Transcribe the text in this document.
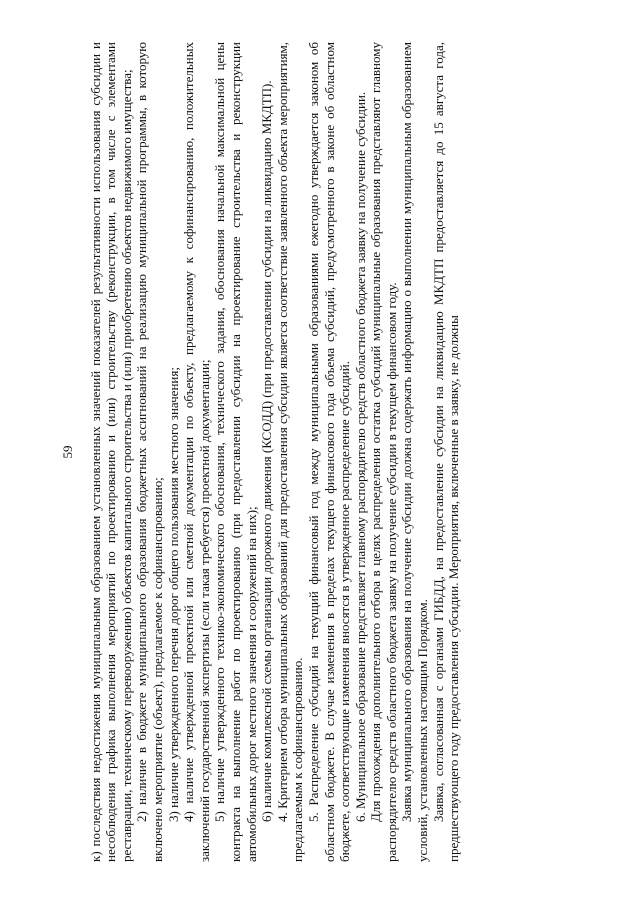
59 к) последствия недостижения муниципальным образованием установленных значений показателей результативности использования субсидии и несоблюдения графика выполнения мероприятий по проектированию и (или) строительству (реконструкции, в том числе с элементами реставрации, техническому перевооружению) объектов капитального строительства и (или) приобретению объектов недвижимого имущества; 2) наличие в бюджете муниципального образования бюджетных ассигнований на реализацию муниципальной программы, в которую включено мероприятие (объект), предлагаемое к софинансированию; 3) наличие утвержденного перечня дорог общего пользования местного значения; 4) наличие утвержденной проектной или сметной документации по объекту, предлагаемому к софинансированию, положительных заключений государственной экспертизы (если такая требуется) проектной документации; 5) наличие утвержденного технико-экономического обоснования, технического задания, обоснования начальной максимальной цены контракта на выполнение работ по проектированию (при предоставлении субсидии на проектирование строительства и реконструкции автомобильных дорог местного значения и сооружений на них); 6) наличие комплексной схемы организации дорожного движения (КСОДД) (при предоставлении субсидии на ликвидацию МКДТП). 4. Критерием отбора муниципальных образований для предоставления субсидии является соответствие заявленного объекта мероприятиям, предлагаемым к софинансированию. 5. Распределение субсидий на текущий финансовый год между муниципальными образованиями ежегодно утверждается законом об областном бюджете. В случае изменения в пределах текущего финансового года объема субсидий, предусмотренного в законе об областном бюджете, соответствующие изменения вносятся в утвержденное распределение субсидий. 6. Муниципальное образование представляет главному распорядителю средств областного бюджета заявку на получение субсидии. Для прохождения дополнительного отбора в целях распределения остатка субсидий муниципальные образования представляют главному распорядителю средств областного бюджета заявку на получение субсидии в текущем финансовом году. Заявка муниципального образования на получение субсидии должна содержать информацию о выполнении муниципальным образованием условий, установленных настоящим Порядком. Заявка, согласованная с органами ГИБДД, на предоставление субсидии на ликвидацию МКДТП предоставляется до 15 августа года, предшествующего году предоставления субсидии. Мероприятия, включенные в заявку, не должны
